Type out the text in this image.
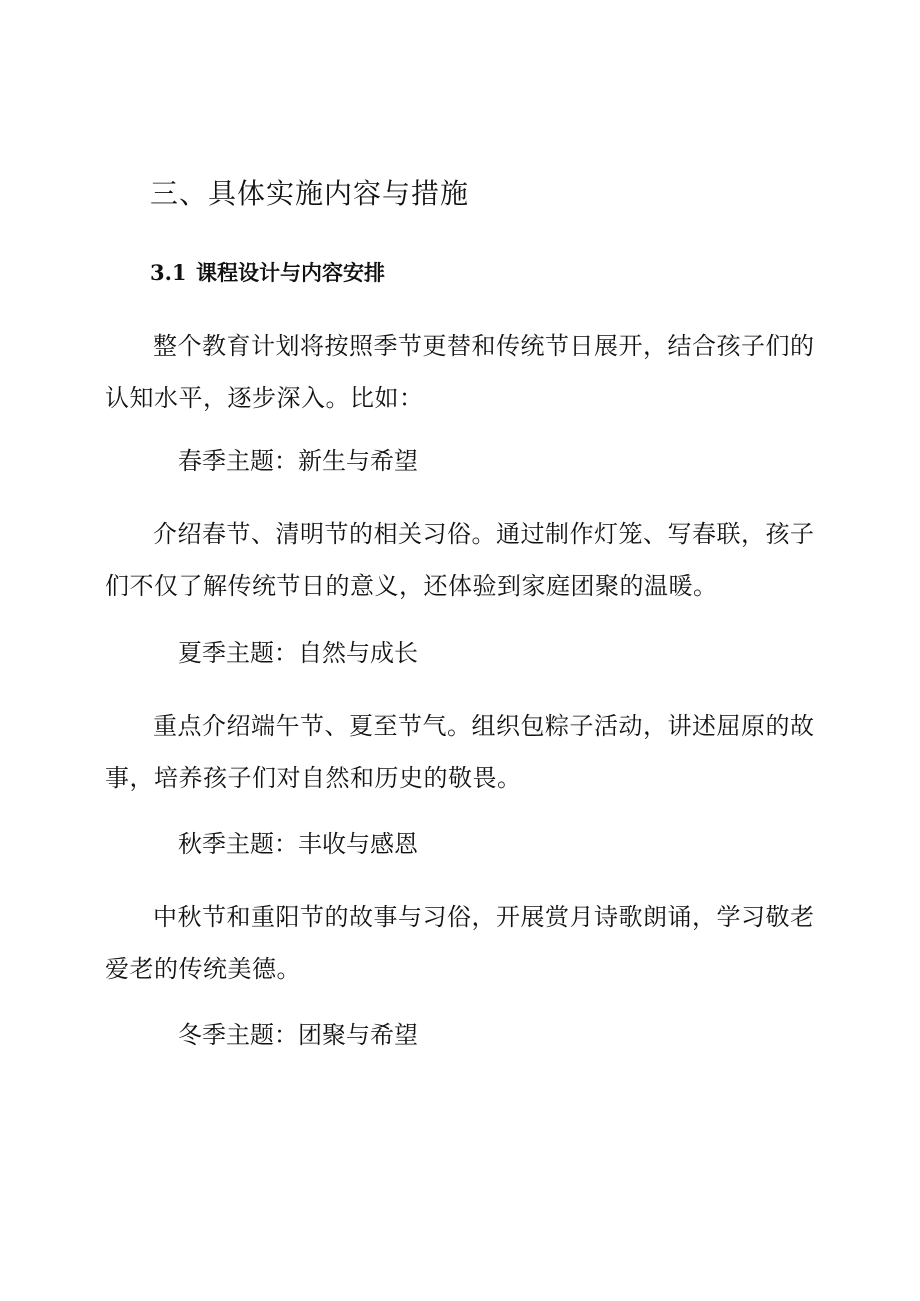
三、具体实施内容与措施
3.1 课程设计与内容安排

整个教育计划将按照季节更替和传统节日展开，结合孩子们的认知水平，逐步深入。比如：

春季主题：新生与希望

介绍春节、清明节的相关习俗。通过制作灯笼、写春联，孩子们不仅了解传统节日的意义，还体验到家庭团聚的温暖。

夏季主题：自然与成长

重点介绍端午节、夏至节气。组织包粽子活动，讲述屈原的故事，培养孩子们对自然和历史的敬畏。

秋季主题：丰收与感恩

中秋节和重阳节的故事与习俗，开展赏月诗歌朗诵，学习敬老爱老的传统美德。

冬季主题：团聚与希望
